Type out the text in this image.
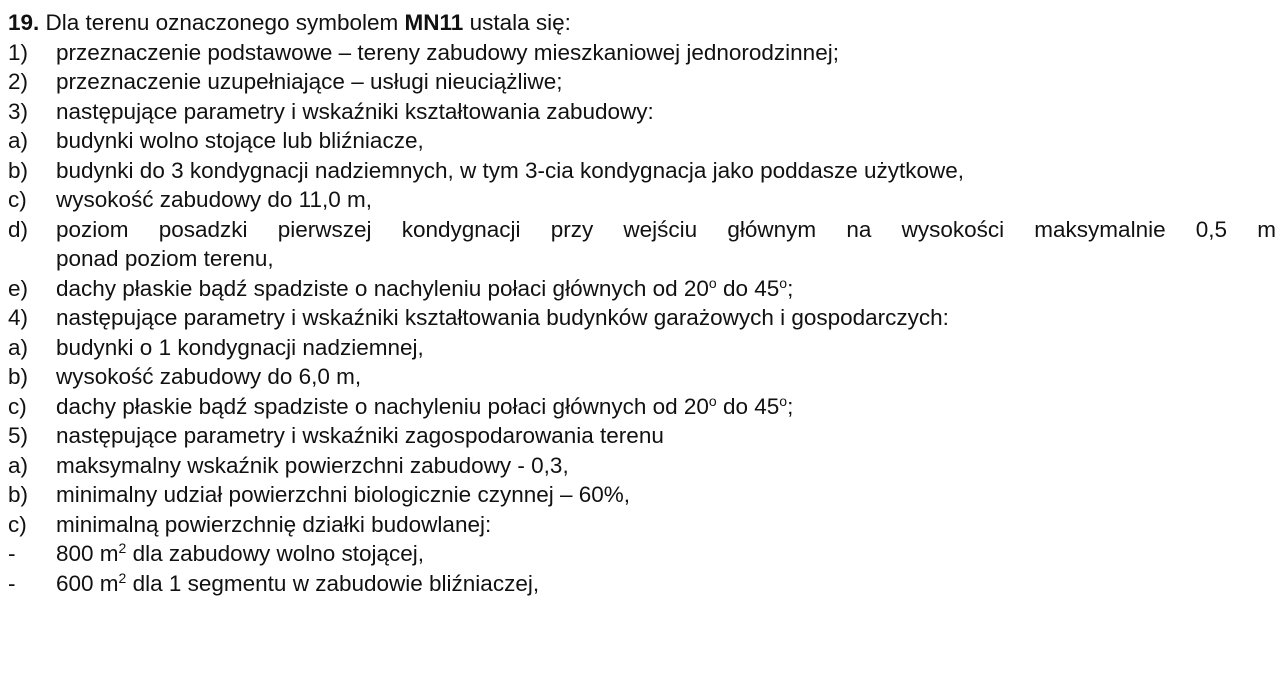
19. Dla terenu oznaczonego symbolem MN11 ustala się:
1)	przeznaczenie podstawowe – tereny zabudowy mieszkaniowej jednorodzinnej;
2)	przeznaczenie uzupełniające – usługi nieuciążliwe;
3)	następujące parametry i wskaźniki kształtowania zabudowy:
a)	budynki wolno stojące lub bliźniacze,
b)	budynki do 3 kondygnacji nadziemnych, w tym 3-cia kondygnacja jako poddasze użytkowe,
c)	wysokość zabudowy do 11,0 m,
d)	poziom posadzki pierwszej kondygnacji przy wejściu głównym na wysokości maksymalnie 0,5 m
ponad poziom terenu,
e)	dachy płaskie bądź spadziste o nachyleniu połaci głównych od 20$^o$ do 45$^o$;
4)	następujące parametry i wskaźniki kształtowania budynków garażowych i gospodarczych:
a)	budynki o 1 kondygnacji nadziemnej,
b)	wysokość zabudowy do 6,0 m,
c)	dachy płaskie bądź spadziste o nachyleniu połaci głównych od 20$^o$ do 45$^o$;
5)	następujące parametry i wskaźniki zagospodarowania terenu
a)	maksymalny wskaźnik powierzchni zabudowy - 0,3,
b)	minimalny udział powierzchni biologicznie czynnej – 60%,
c)	minimalną powierzchnię działki budowlanej:
-	800 $m^2$ dla zabudowy wolno stojącej,
-	600 $m^2$ dla 1 segmentu w zabudowie bliźniaczej,
